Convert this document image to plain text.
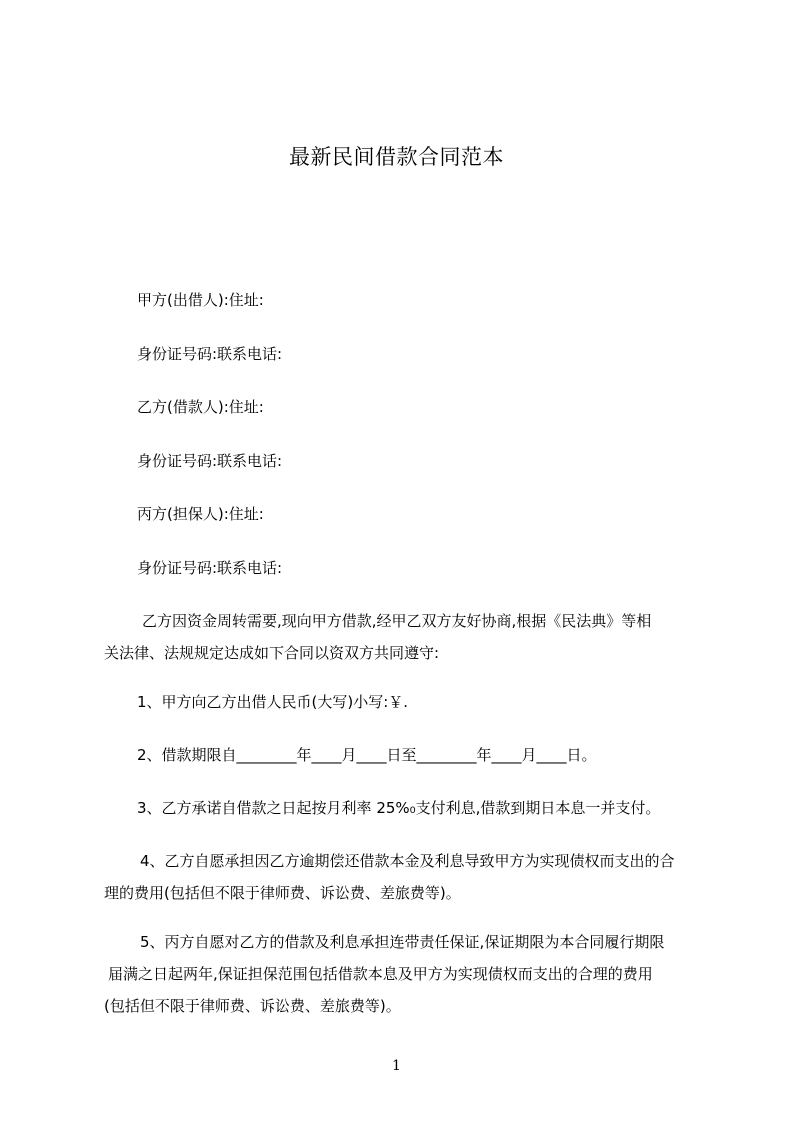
最新民间借款合同范本
甲方(出借人):住址:
身份证号码:联系电话:
乙方(借款人):住址:
身份证号码:联系电话:
丙方(担保人):住址:
身份证号码:联系电话:
乙方因资金周转需要,现向甲方借款,经甲乙双方友好协商,根据《民法典》等相
关法律、法规规定达成如下合同以资双方共同遵守:
1、甲方向乙方出借人民币(大写)小写:￥.
2、借款期限自________年____月____日至________年____月____日。
3、乙方承诺自借款之日起按月利率 25%₀支付利息,借款到期日本息一并支付。
4、乙方自愿承担因乙方逾期偿还借款本金及利息导致甲方为实现债权而支出的合
理的费用(包括但不限于律师费、诉讼费、差旅费等)。
5、丙方自愿对乙方的借款及利息承担连带责任保证,保证期限为本合同履行期限
届满之日起两年,保证担保范围包括借款本息及甲方为实现债权而支出的合理的费用
(包括但不限于律师费、诉讼费、差旅费等)。
1
